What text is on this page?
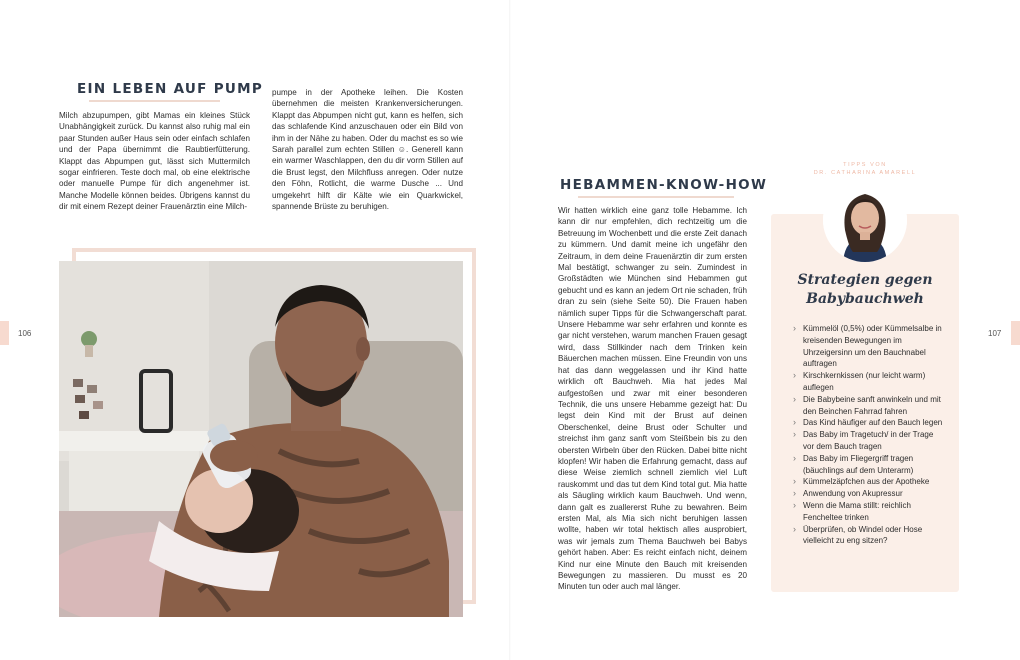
EIN LEBEN AUF PUMP
Milch abzupumpen, gibt Mamas ein kleines Stück Unabhängigkeit zurück. Du kannst also ruhig mal ein paar Stunden außer Haus sein oder einfach schlafen und der Papa übernimmt die Raubtierfütterung. Klappt das Abpumpen gut, lässt sich Muttermilch sogar einfrieren. Teste doch mal, ob eine elektrische oder manuelle Pumpe für dich angenehmer ist. Manche Modelle können beides. Übrigens kannst du dir mit einem Rezept deiner Frauenärztin eine Milch-
pumpe in der Apotheke leihen. Die Kosten übernehmen die meisten Krankenversicherungen. Klappt das Abpumpen nicht gut, kann es helfen, sich das schlafende Kind anzuschauen oder ein Bild von ihm in der Nähe zu haben. Oder du machst es so wie Sarah parallel zum echten Stillen ☺. Generell kann ein warmer Waschlappen, den du dir vorm Stillen auf die Brust legst, den Milchfluss anregen. Oder nutze den Föhn, Rotlicht, die warme Dusche ... Und umgekehrt hilft dir Kälte wie ein Quarkwickel, spannende Brüste zu beruhigen.
106
HEBAMMEN-KNOW-HOW
Wir hatten wirklich eine ganz tolle Hebamme. Ich kann dir nur empfehlen, dich rechtzeitig um die Betreuung im Wochenbett und die erste Zeit danach zu kümmern. Und damit meine ich ungefähr den Zeitraum, in dem deine Frauenärztin dir zum ersten Mal bestätigt, schwanger zu sein. Zumindest in Großstädten wie München sind Hebammen gut gebucht und es kann an jedem Ort nie schaden, früh dran zu sein (siehe Seite 50). Die Frauen haben nämlich super Tipps für die Schwangerschaft parat. Unsere Hebamme war sehr erfahren und konnte es gar nicht verstehen, warum manchen Frauen gesagt wird, dass Stillkinder nach dem Trinken kein Bäuerchen machen müssen. Eine Freundin von uns hat das dann weggelassen und ihr Kind hatte wirklich oft Bauchweh. Mia hat jedes Mal aufgestoßen und zwar mit einer besonderen Technik, die uns unsere Hebamme gezeigt hat: Du legst dein Kind mit der Brust auf deinen Oberschenkel, deine Brust oder Schulter und streichst ihm ganz sanft vom Steißbein bis zu den obersten Wirbeln über den Rücken. Dabei bitte nicht klopfen! Wir haben die Erfahrung gemacht, dass auf diese Weise ziemlich schnell ziemlich viel Luft rauskommt und das tut dem Kind total gut. Mia hatte als Säugling wirklich kaum Bauchweh. Und wenn, dann galt es zuallererst Ruhe zu bewahren. Beim ersten Mal, als Mia sich nicht beruhigen lassen wollte, haben wir total hektisch alles ausprobiert, was wir jemals zum Thema Bauchweh bei Babys gehört haben. Aber: Es reicht einfach nicht, deinem Kind nur eine Minute den Bauch mit kreisenden Bewegungen zu massieren. Du musst es 20 Minuten tun oder auch mal länger.
107
TIPPS VON
DR. CATHARINA AMARELL
Strategien gegen
Babybauchweh
› Kümmelöl (0,5%) oder Kümmelsalbe in kreisenden Bewegungen im Uhrzeigersinn um den Bauchnabel auftragen
› Kirschkernkissen (nur leicht warm) auflegen
› Die Babybeine sanft anwinkeln und mit den Beinchen Fahrrad fahren
› Das Kind häufiger auf den Bauch legen
› Das Baby im Tragetuch/ in der Trage vor dem Bauch tragen
› Das Baby im Fliegergriff tragen (bäuchlings auf dem Unterarm)
› Kümmelzäpfchen aus der Apotheke
› Anwendung von Akupressur
› Wenn die Mama stillt: reichlich Fencheltee trinken
› Überprüfen, ob Windel oder Hose vielleicht zu eng sitzen?
